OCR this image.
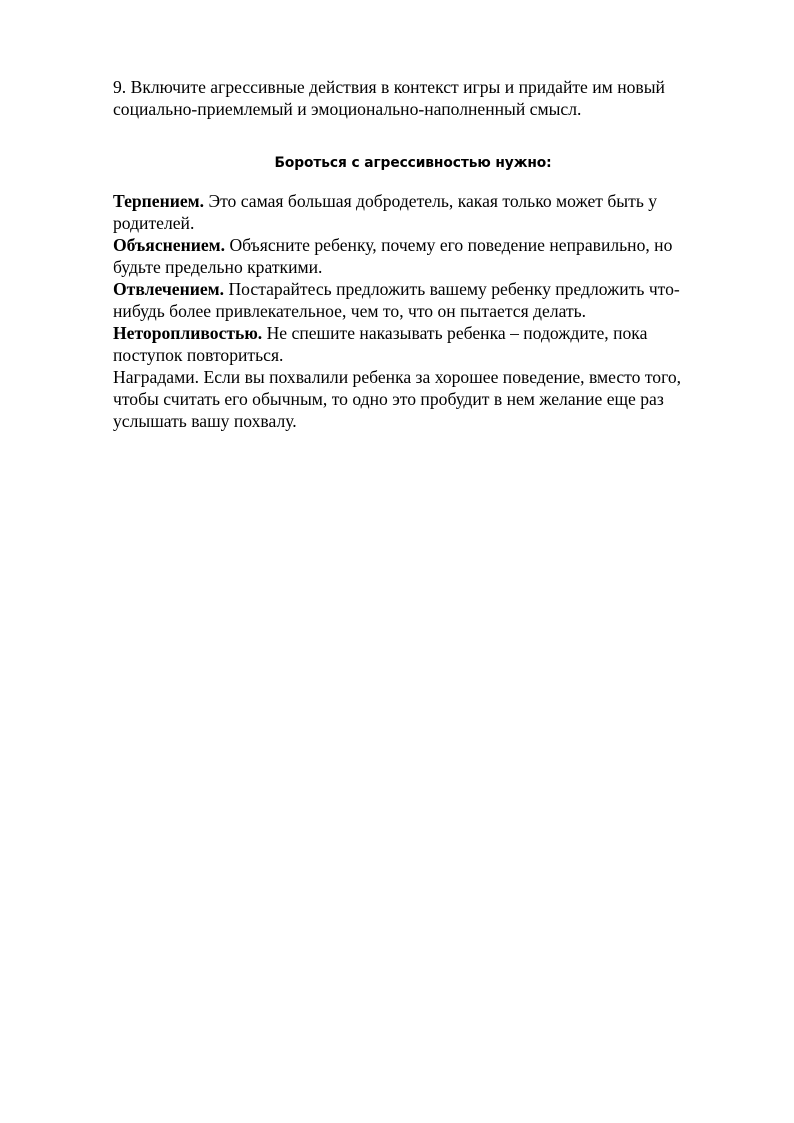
9. Включите агрессивные действия в контекст игры и придайте им новый
социально-приемлемый и эмоционально-наполненный смысл.

Бороться с агрессивностью нужно:

Терпением. Это самая большая добродетель, какая только может быть у
родителей.

Объяснением. Объясните ребенку, почему его поведение неправильно, но
будьте предельно краткими.

Отвлечением. Постарайтесь предложить вашему ребенку предложить что-
нибудь более привлекательное, чем то, что он пытается делать.

Неторопливостью. Не спешите наказывать ребенка – подождите, пока
поступок повториться.

Наградами. Если вы похвалили ребенка за хорошее поведение, вместо того,
чтобы считать его обычным, то одно это пробудит в нем желание еще раз
услышать вашу похвалу.
